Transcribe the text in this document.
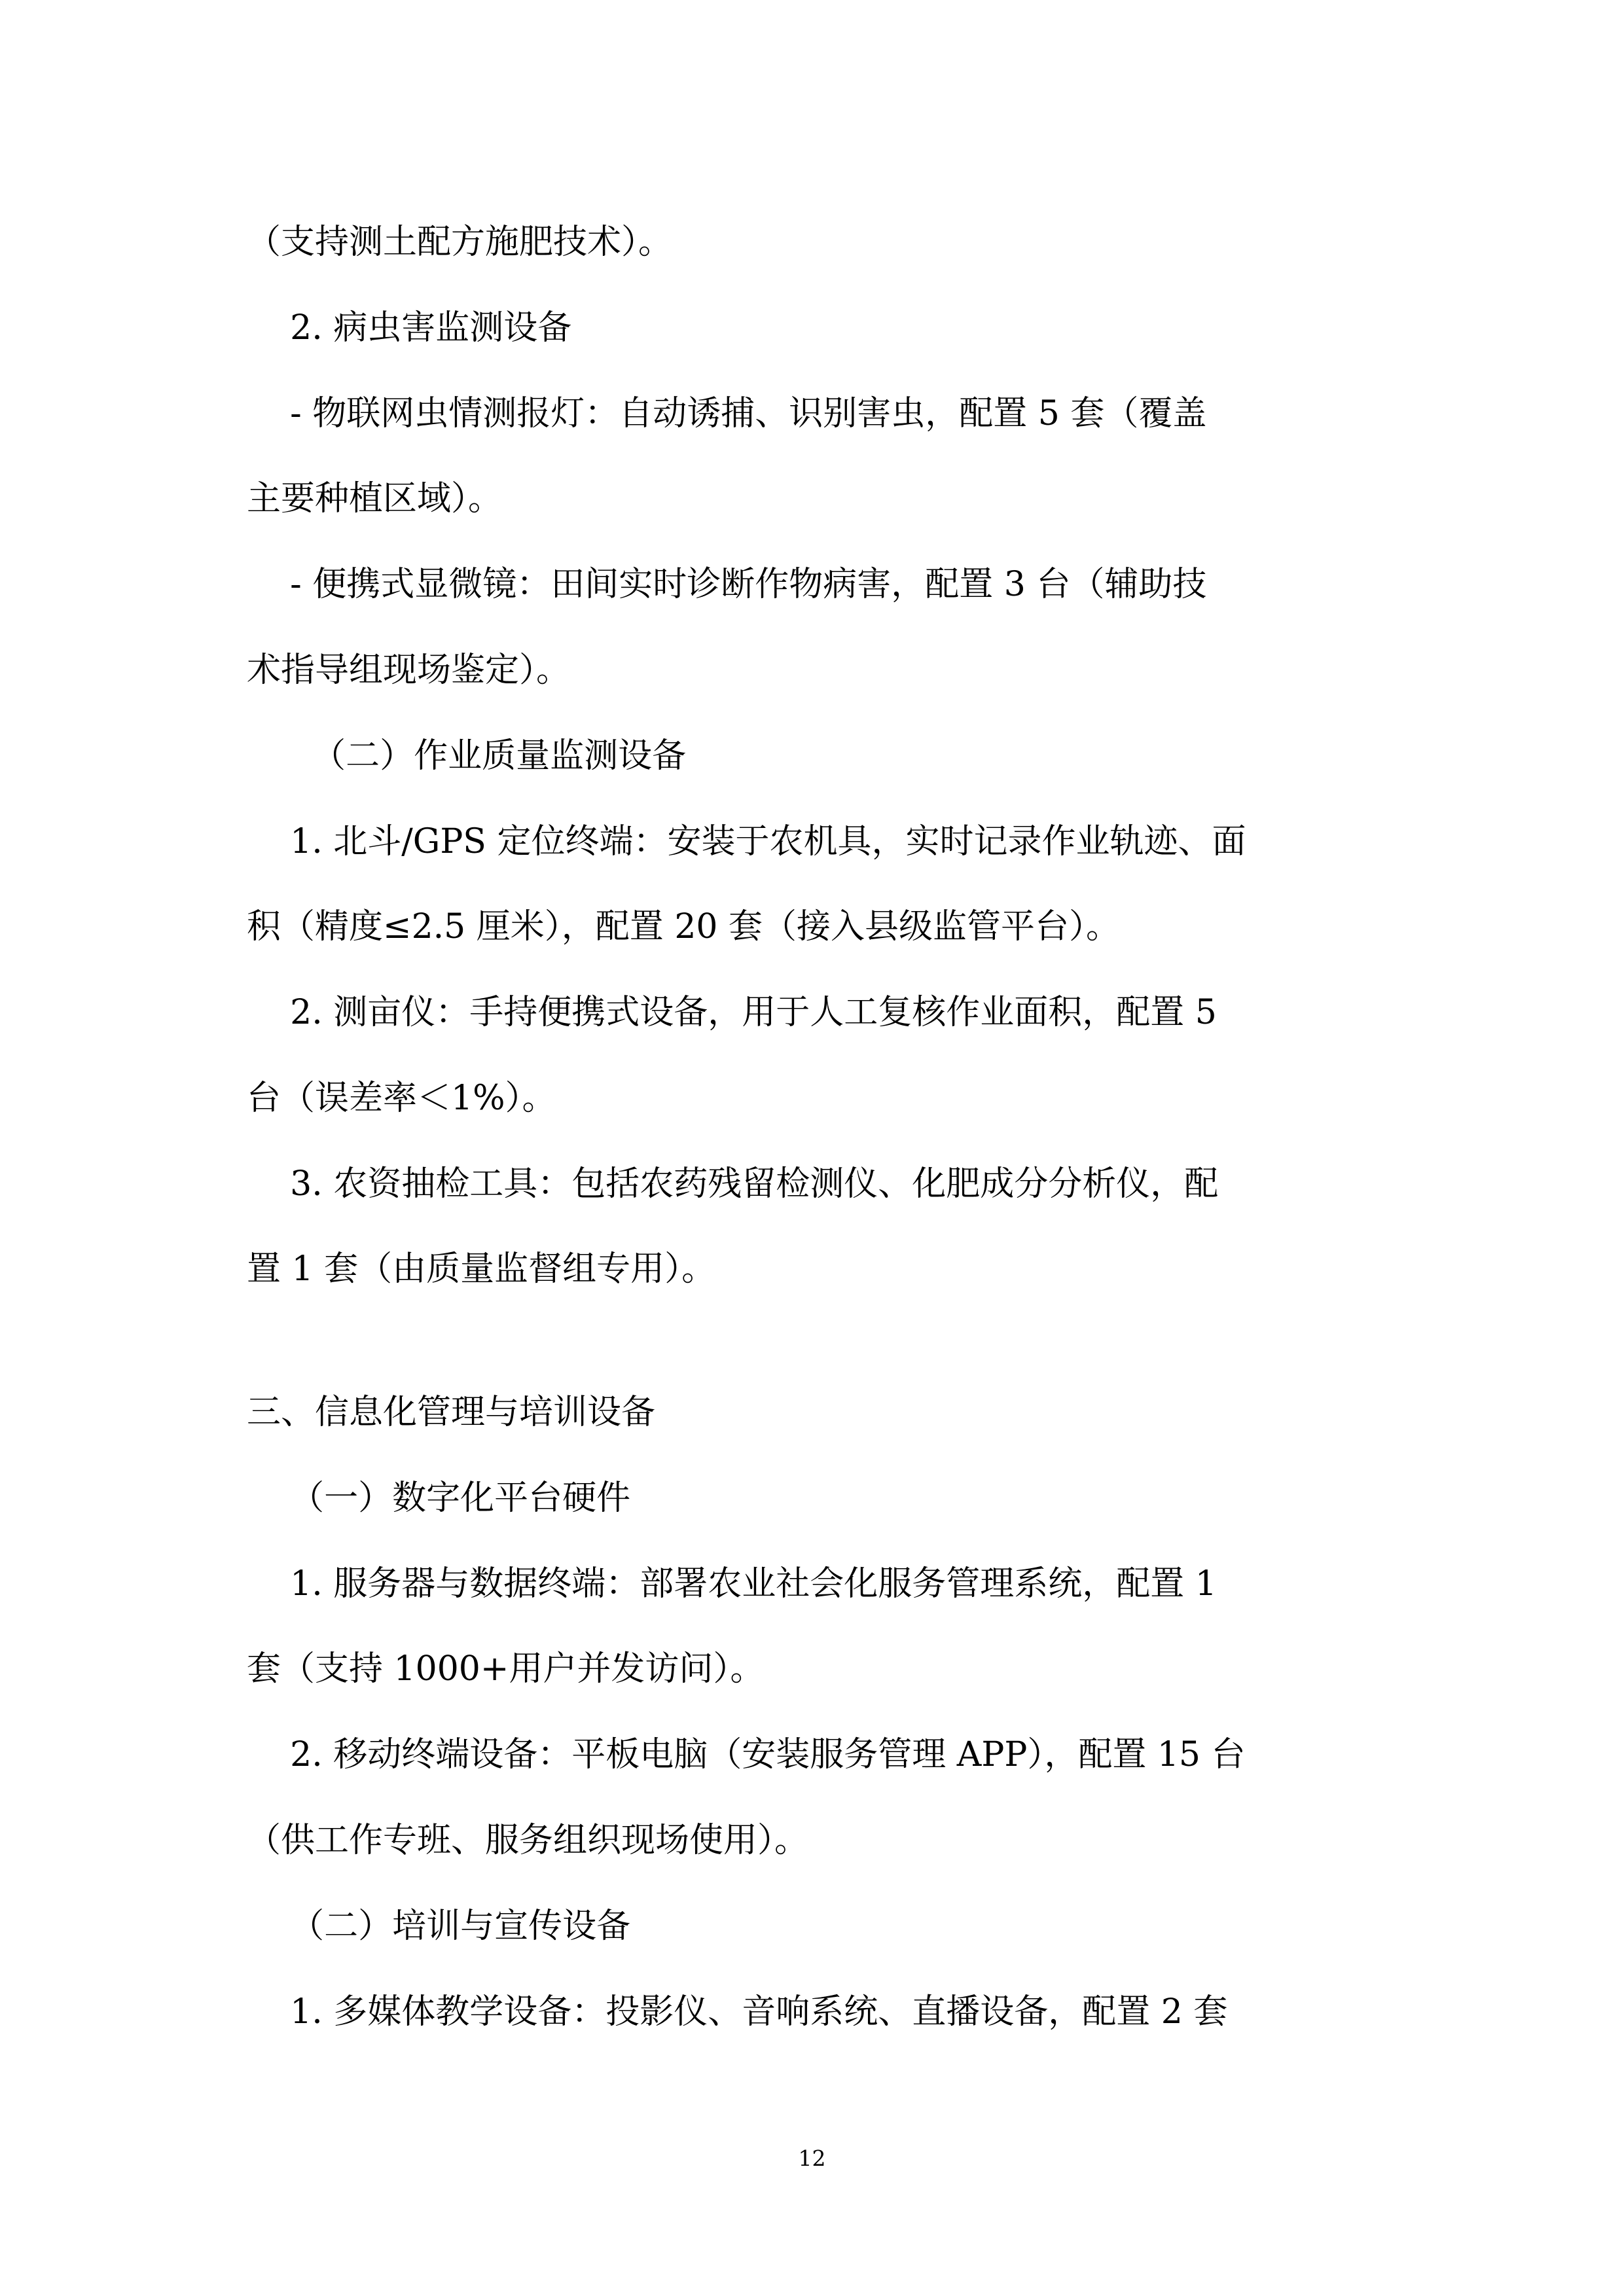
（支持测土配方施肥技术）。

2. 病虫害监测设备

- 物联网虫情测报灯：自动诱捕、识别害虫，配置 5 套（覆盖

主要种植区域）。

- 便携式显微镜：田间实时诊断作物病害，配置 3 台（辅助技

术指导组现场鉴定）。

（二）作业质量监测设备

1. 北斗/GPS 定位终端：安装于农机具，实时记录作业轨迹、面

积（精度≤2.5 厘米），配置 20 套（接入县级监管平台）。

2. 测亩仪：手持便携式设备，用于人工复核作业面积，配置 5

台（误差率＜1%）。

3. 农资抽检工具：包括农药残留检测仪、化肥成分分析仪，配

置 1 套（由质量监督组专用）。

三、信息化管理与培训设备

（一）数字化平台硬件

1. 服务器与数据终端：部署农业社会化服务管理系统，配置 1

套（支持 1000+用户并发访问）。

2. 移动终端设备：平板电脑（安装服务管理 APP），配置 15 台

（供工作专班、服务组织现场使用）。

（二）培训与宣传设备

1. 多媒体教学设备：投影仪、音响系统、直播设备，配置 2 套

12
